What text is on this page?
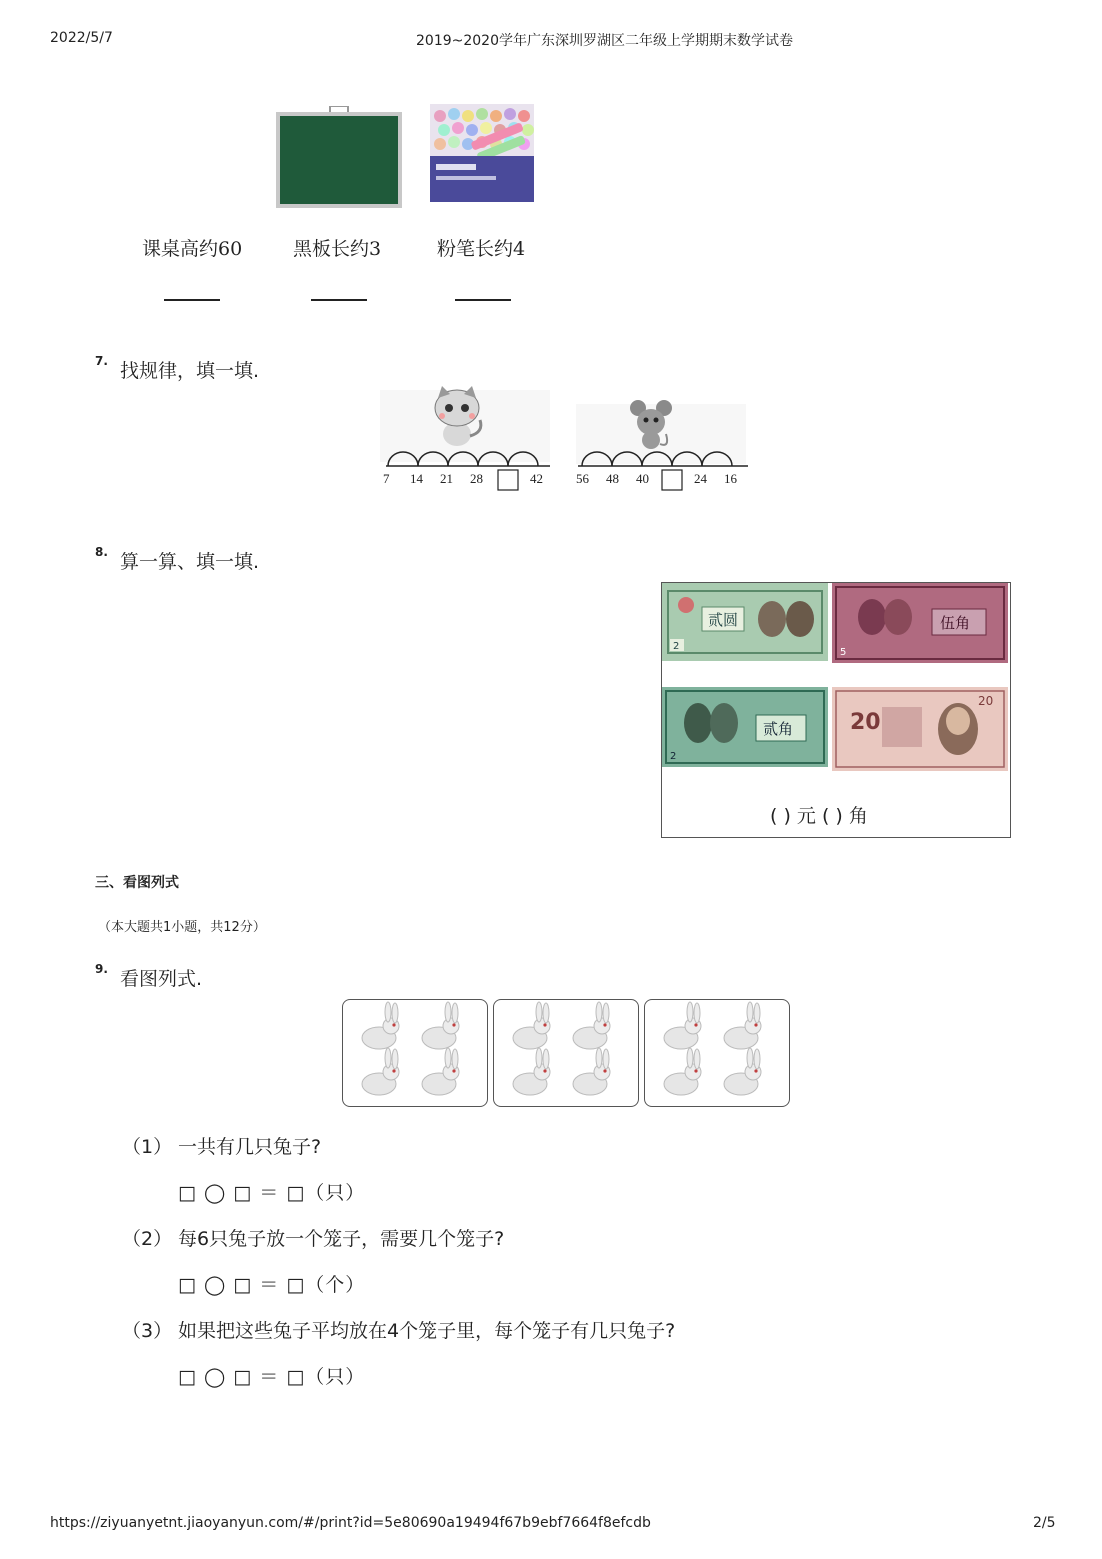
2022/5/7	2019~2020学年广东深圳罗湖区二年级上学期期末数学试卷
课桌高约60	黑板长约3	粉笔长约4
7. 找规律，填一填.
7 14 21 28	42	56 48 40	24 16
8. 算一算、填一填.
贰圆
2
伍角
5
贰角
2
20
20
( ) 元 ( ) 角
三、看图列式
（本大题共1小题，共12分）
9. 看图列式.
（1） 一共有几只兔子?
□ ◯ □ ＝ □（只）
（2） 每6只兔子放一个笼子，需要几个笼子?
□ ◯ □ ＝ □（个）
（3） 如果把这些兔子平均放在4个笼子里，每个笼子有几只兔子?
□ ◯ □ ＝ □（只）
https://ziyuanyetnt.jiaoyanyun.com/#/print?id=5e80690a19494f67b9ebf7664f8efcdb	2/5
